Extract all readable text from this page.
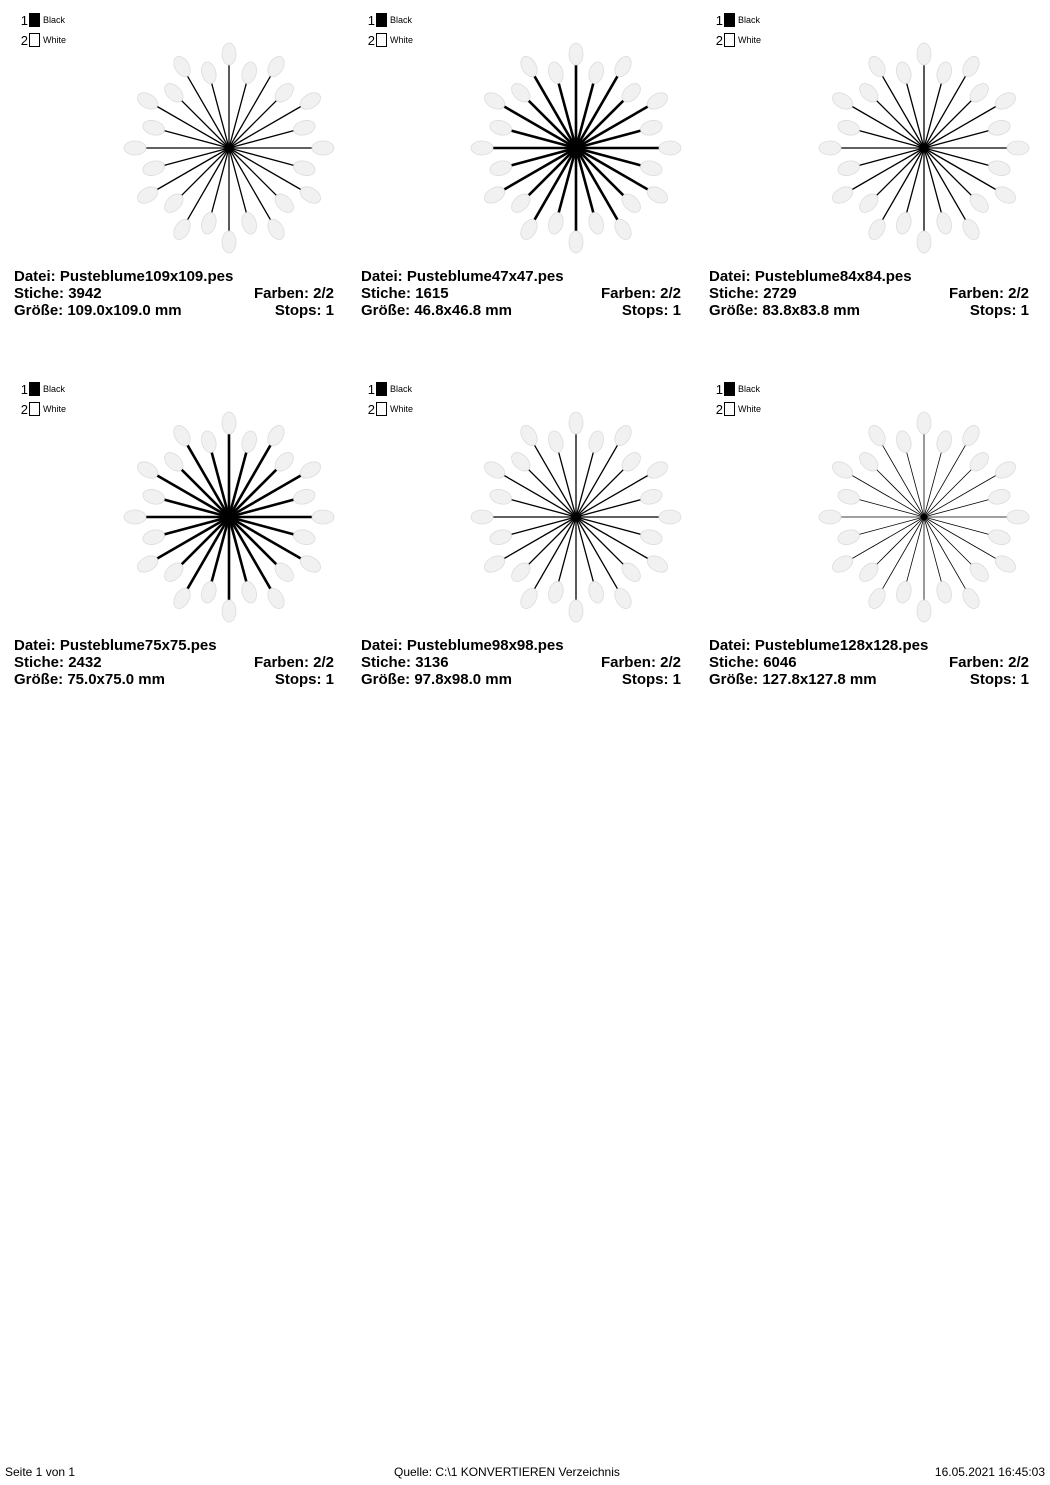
1 Black
2 White
Datei: Pusteblume109x109.pes
Stiche: 3942	Farben: 2/2
Größe: 109.0x109.0 mm	Stops: 1
1 Black
2 White
Datei: Pusteblume47x47.pes
Stiche: 1615	Farben: 2/2
Größe: 46.8x46.8 mm	Stops: 1
1 Black
2 White
Datei: Pusteblume84x84.pes
Stiche: 2729	Farben: 2/2
Größe: 83.8x83.8 mm	Stops: 1
1 Black
2 White
Datei: Pusteblume75x75.pes
Stiche: 2432	Farben: 2/2
Größe: 75.0x75.0 mm	Stops: 1
1 Black
2 White
Datei: Pusteblume98x98.pes
Stiche: 3136	Farben: 2/2
Größe: 97.8x98.0 mm	Stops: 1
1 Black
2 White
Datei: Pusteblume128x128.pes
Stiche: 6046	Farben: 2/2
Größe: 127.8x127.8 mm	Stops: 1
Seite 1 von 1	Quelle: C:\1 KONVERTIEREN Verzeichnis	16.05.2021 16:45:03
